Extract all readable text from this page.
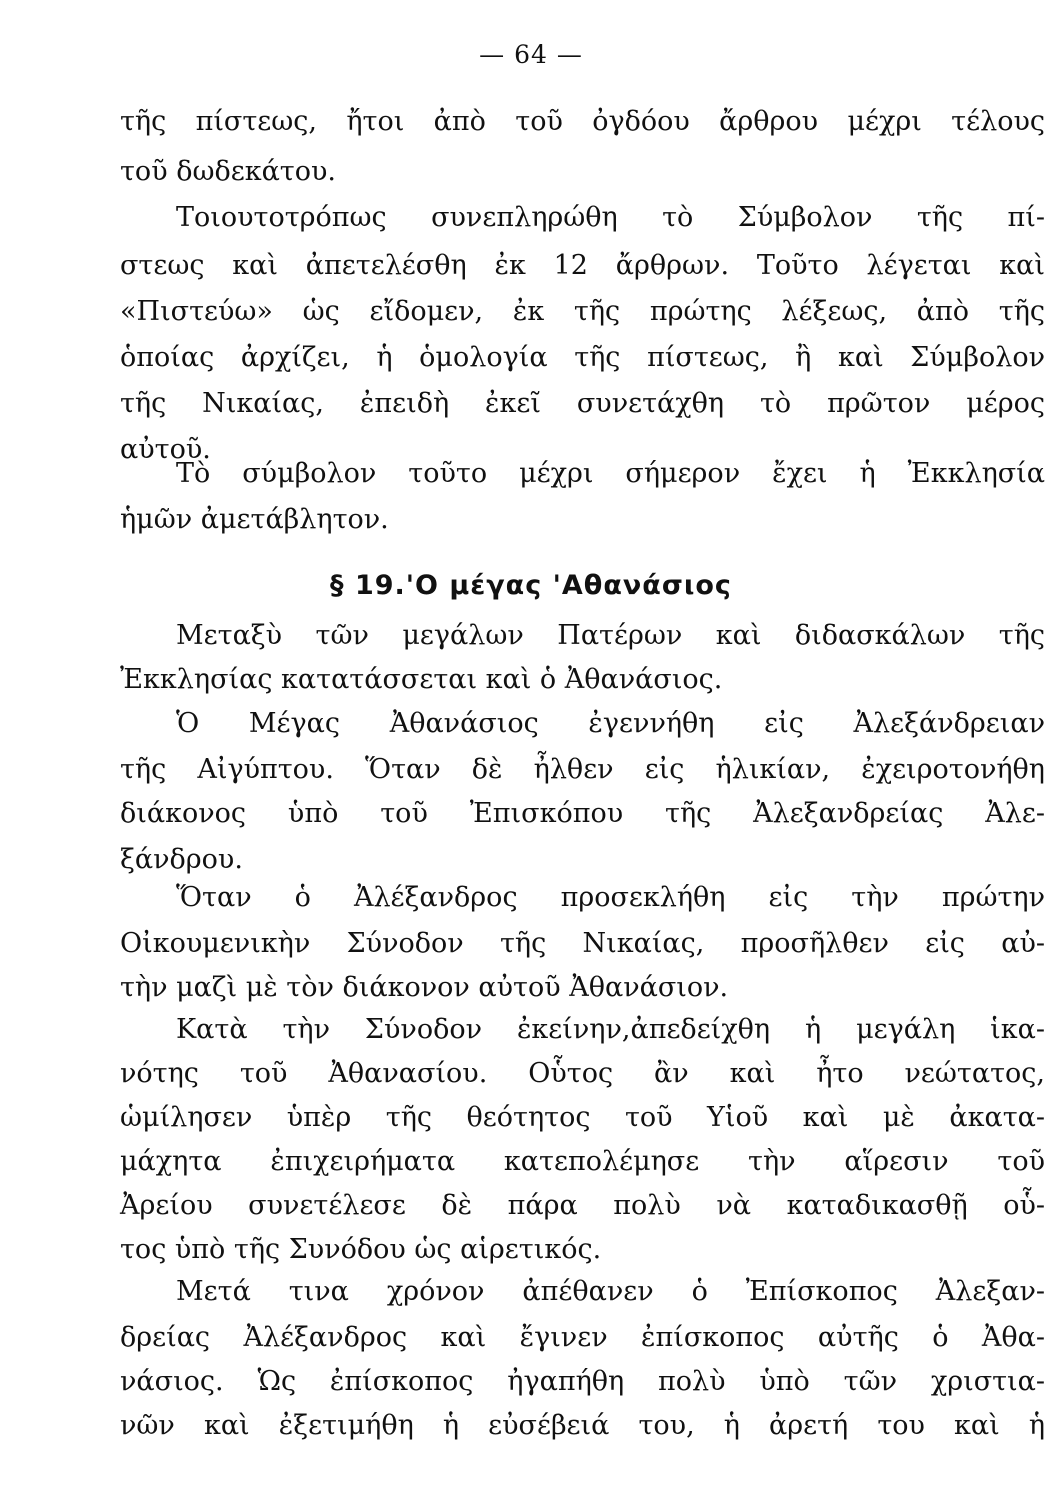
— 64 —
τῆς πίστεως, ἤτοι ἀπὸ τοῦ ὀγδόου ἄρθρου μέχρι τέλους
τοῦ δωδεκάτου.
Τοιουτοτρόπως συνεπληρώθη τὸ Σύμβολον τῆς πί-
στεως καὶ ἀπετελέσθη ἐκ 12 ἄρθρων. Τοῦτο λέγεται καὶ
«Πιστεύω» ὡς εἴδομεν, ἐκ τῆς πρώτης λέξεως, ἀπὸ τῆς
ὁποίας ἀρχίζει, ἡ ὁμολογία τῆς πίστεως, ἢ καὶ Σύμβολον
τῆς Νικαίας, ἐπειδὴ ἐκεῖ συνετάχθη τὸ πρῶτον μέρος
αὐτοῦ.
Τὸ σύμβολον τοῦτο μέχρι σήμερον ἔχει ἡ Ἐκκλησία
ἡμῶν ἀμετάβλητον.
Μεταξὺ τῶν μεγάλων Πατέρων καὶ διδασκάλων τῆς
Ἐκκλησίας κατατάσσεται καὶ ὁ Ἀθανάσιος.
Ὁ Μέγας Ἀθανάσιος ἐγεννήθη εἰς Ἀλεξάνδρειαν
τῆς Αἰγύπτου. Ὅταν δὲ ἦλθεν εἰς ἡλικίαν, ἐχειροτονήθη
διάκονος ὑπὸ τοῦ Ἐπισκόπου τῆς Ἀλεξανδρείας Ἀλε-
ξάνδρου.
Ὅταν ὁ Ἀλέξανδρος προσεκλήθη εἰς τὴν πρώτην
Οἰκουμενικὴν Σύνοδον τῆς Νικαίας, προσῆλθεν εἰς αὐ-
τὴν μαζὶ μὲ τὸν διάκονον αὐτοῦ Ἀθανάσιον.
Κατὰ τὴν Σύνοδον ἐκείνην,ἀπεδείχθη ἡ μεγάλη ἱκα-
νότης τοῦ Ἀθανασίου. Οὗτος ἂν καὶ ἦτο νεώτατος,
ὡμίλησεν ὑπὲρ τῆς θεότητος τοῦ Υἱοῦ καὶ μὲ ἀκατα-
μάχητα ἐπιχειρήματα κατεπολέμησε τὴν αἵρεσιν τοῦ
Ἀρείου συνετέλεσε δὲ πάρα πολὺ νὰ καταδικασθῇ οὗ-
τος ὑπὸ τῆς Συνόδου ὡς αἱρετικός.
Μετά τινα χρόνον ἀπέθανεν ὁ Ἐπίσκοπος Ἀλεξαν-
δρείας Ἀλέξανδρος καὶ ἔγινεν ἐπίσκοπος αὐτῆς ὁ Ἀθα-
νάσιος. Ὡς ἐπίσκοπος ἠγαπήθη πολὺ ὑπὸ τῶν χριστια-
νῶν καὶ ἐξετιμήθη ἡ εὐσέβειά του, ἡ ἀρετή του καὶ ἡ
§ 19.'Ο μέγας 'Αθανάσιος
